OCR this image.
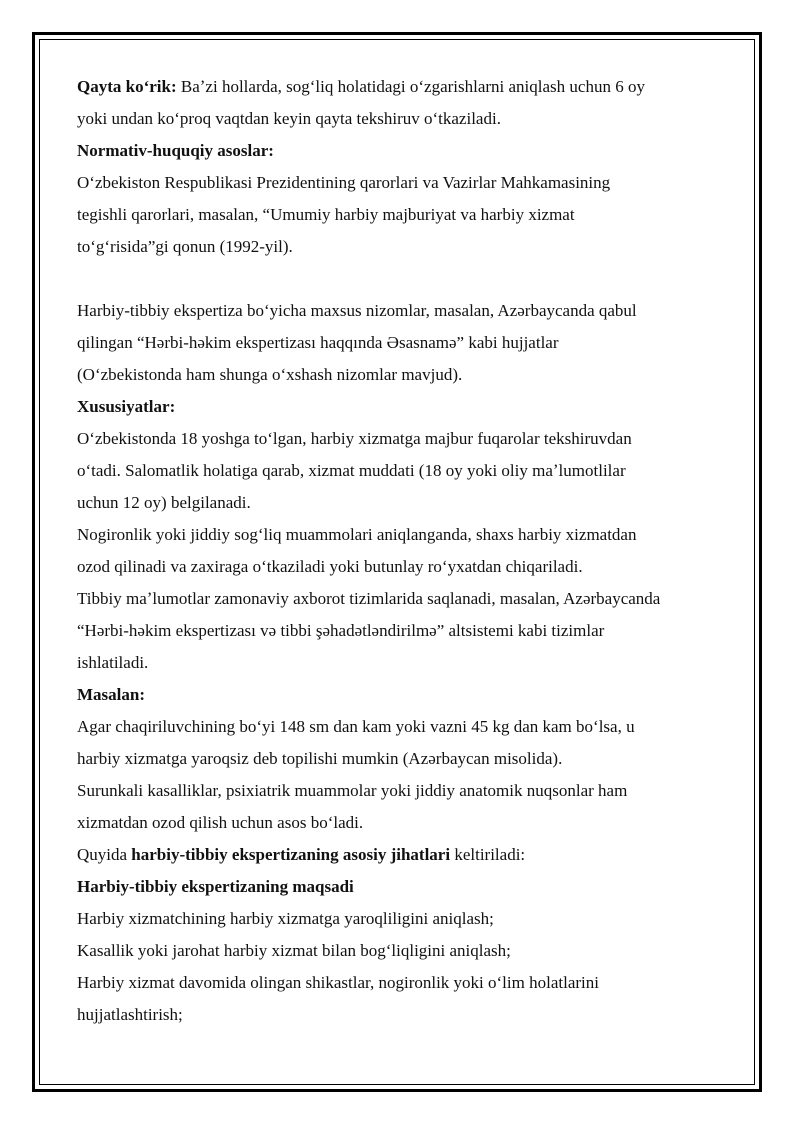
Qayta koʻrik: Baʼzi hollarda, sogʻliq holatidagi oʻzgarishlarni aniqlash uchun 6 oy
yoki undan koʻproq vaqtdan keyin qayta tekshiruv oʻtkaziladi.
Normativ-huquqiy asoslar:
Oʻzbekiston Respublikasi Prezidentining qarorlari va Vazirlar Mahkamasining
tegishli qarorlari, masalan, “Umumiy harbiy majburiyat va harbiy xizmat
toʻgʻrisida”gi qonun (1992-yil).
Harbiy-tibbiy ekspertiza boʻyicha maxsus nizomlar, masalan, Azərbaycanda qabul
qilingan “Hərbi-həkim ekspertizası haqqında Əsasnamə” kabi hujjatlar
(Oʻzbekistonda ham shunga oʻxshash nizomlar mavjud).
Xususiyatlar:
Oʻzbekistonda 18 yoshga toʻlgan, harbiy xizmatga majbur fuqarolar tekshiruvdan
oʻtadi. Salomatlik holatiga qarab, xizmat muddati (18 oy yoki oliy maʼlumotlilar
uchun 12 oy) belgilanadi.
Nogironlik yoki jiddiy sogʻliq muammolari aniqlanganda, shaxs harbiy xizmatdan
ozod qilinadi va zaxiraga oʻtkaziladi yoki butunlay roʻyxatdan chiqariladi.
Tibbiy maʼlumotlar zamonaviy axborot tizimlarida saqlanadi, masalan, Azərbaycanda
“Hərbi-həkim ekspertizası və tibbi şəhadətləndirilmə” altsistemi kabi tizimlar
ishlatiladi.
Masalan:
Agar chaqiriluvchining boʻyi 148 sm dan kam yoki vazni 45 kg dan kam boʻlsa, u
harbiy xizmatga yaroqsiz deb topilishi mumkin (Azərbaycan misolida).
Surunkali kasalliklar, psixiatrik muammolar yoki jiddiy anatomik nuqsonlar ham
xizmatdan ozod qilish uchun asos boʻladi.
Quyida harbiy-tibbiy ekspertizaning asosiy jihatlari keltiriladi:
Harbiy-tibbiy ekspertizaning maqsadi
Harbiy xizmatchining harbiy xizmatga yaroqliligini aniqlash;
Kasallik yoki jarohat harbiy xizmat bilan bogʻliqligini aniqlash;
Harbiy xizmat davomida olingan shikastlar, nogironlik yoki oʻlim holatlarini
hujjatlashtirish;
